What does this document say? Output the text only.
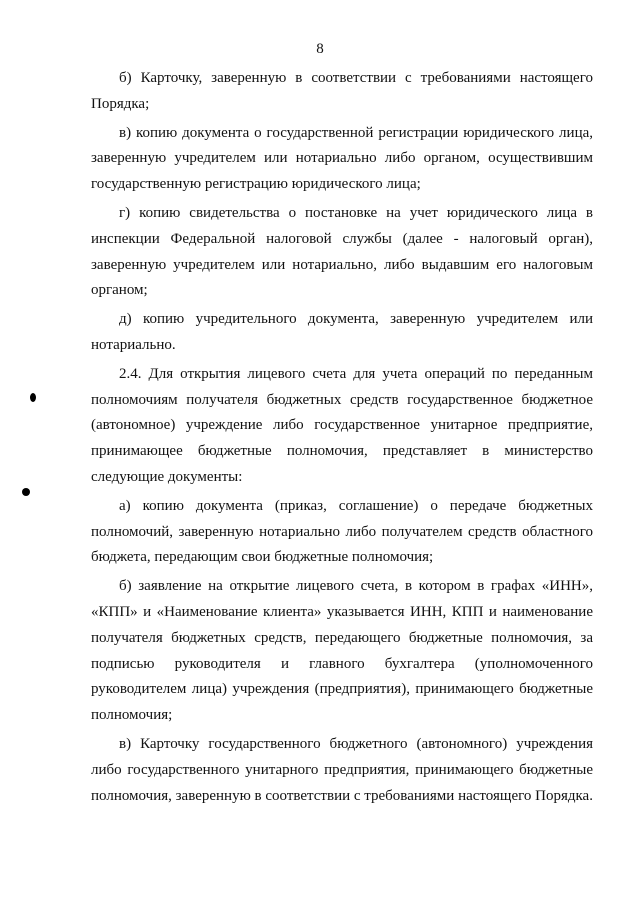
8

б) Карточку, заверенную в соответствии с требованиями настоящего Порядка;

в) копию документа о государственной регистрации юридического лица, заверенную учредителем или нотариально либо органом, осуществившим государственную регистрацию юридического лица;

г) копию свидетельства о постановке на учет юридического лица в инспекции Федеральной налоговой службы (далее - налоговый орган), заверенную учредителем или нотариально, либо выдавшим его налоговым органом;

д) копию учредительного документа, заверенную учредителем или нотариально.

2.4. Для открытия лицевого счета для учета операций по переданным полномочиям получателя бюджетных средств государственное бюджетное (автономное) учреждение либо государственное унитарное предприятие, принимающее бюджетные полномочия, представляет в министерство следующие документы:

а) копию документа (приказ, соглашение) о передаче бюджетных полномочий, заверенную нотариально либо получателем средств областного бюджета, передающим свои бюджетные полномочия;

б) заявление на открытие лицевого счета, в котором в графах «ИНН», «КПП» и «Наименование клиента» указывается ИНН, КПП и наименование получателя бюджетных средств, передающего бюджетные полномочия, за подписью руководителя и главного бухгалтера (уполномоченного руководителем лица) учреждения (предприятия), принимающего бюджетные полномочия;

в) Карточку государственного бюджетного (автономного) учреждения либо государственного унитарного предприятия, принимающего бюджетные полномочия, заверенную в соответствии с требованиями настоящего Порядка.
